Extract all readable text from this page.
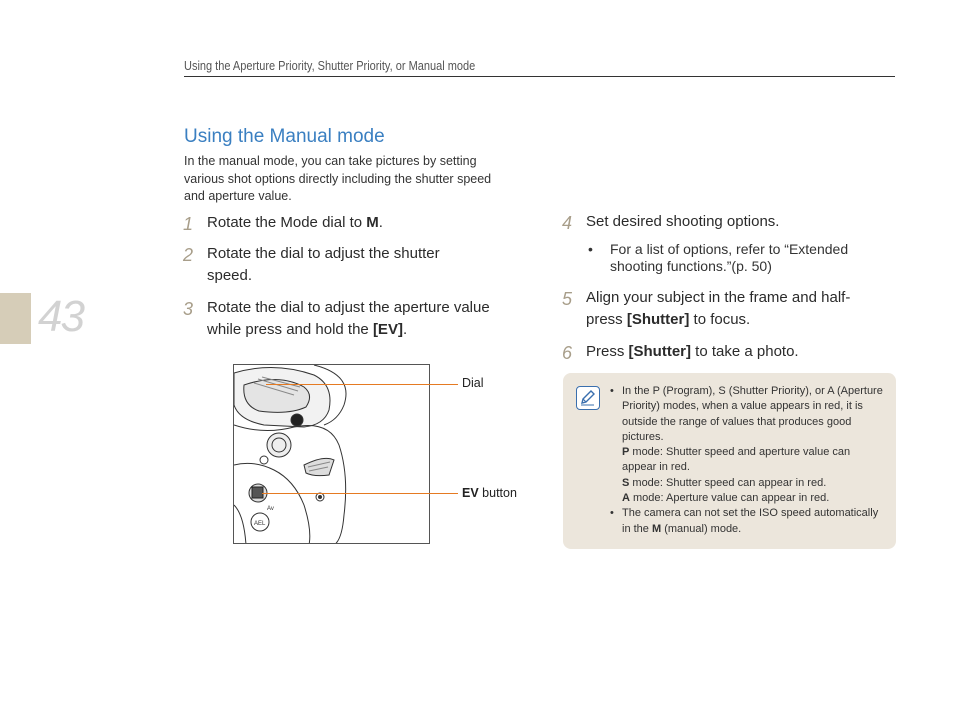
Using the Aperture Priority, Shutter Priority, or Manual mode
43
Using the Manual mode
In the manual mode, you can take pictures by setting
various shot options directly including the shutter speed
and aperture value.
1 Rotate the Mode dial to M.
2 Rotate the dial to adjust the shutter
speed.
3 Rotate the dial to adjust the aperture value
while press and hold the [EV].
4 Set desired shooting options.
• For a list of options, refer to “Extended
shooting functions.”(p. 50)
5 Align your subject in the frame and half-
press [Shutter] to focus.
6 Press [Shutter] to take a photo.
Av
AEL
Dial
EV button
• In the P (Program), S (Shutter Priority), or A (Aperture
Priority) modes, when a value appears in red, it is
outside the range of values that produces good
pictures.
P mode: Shutter speed and aperture value can
appear in red.
S mode: Shutter speed can appear in red.
A mode: Aperture value can appear in red.
• The camera can not set the ISO speed automatically
in the M (manual) mode.
